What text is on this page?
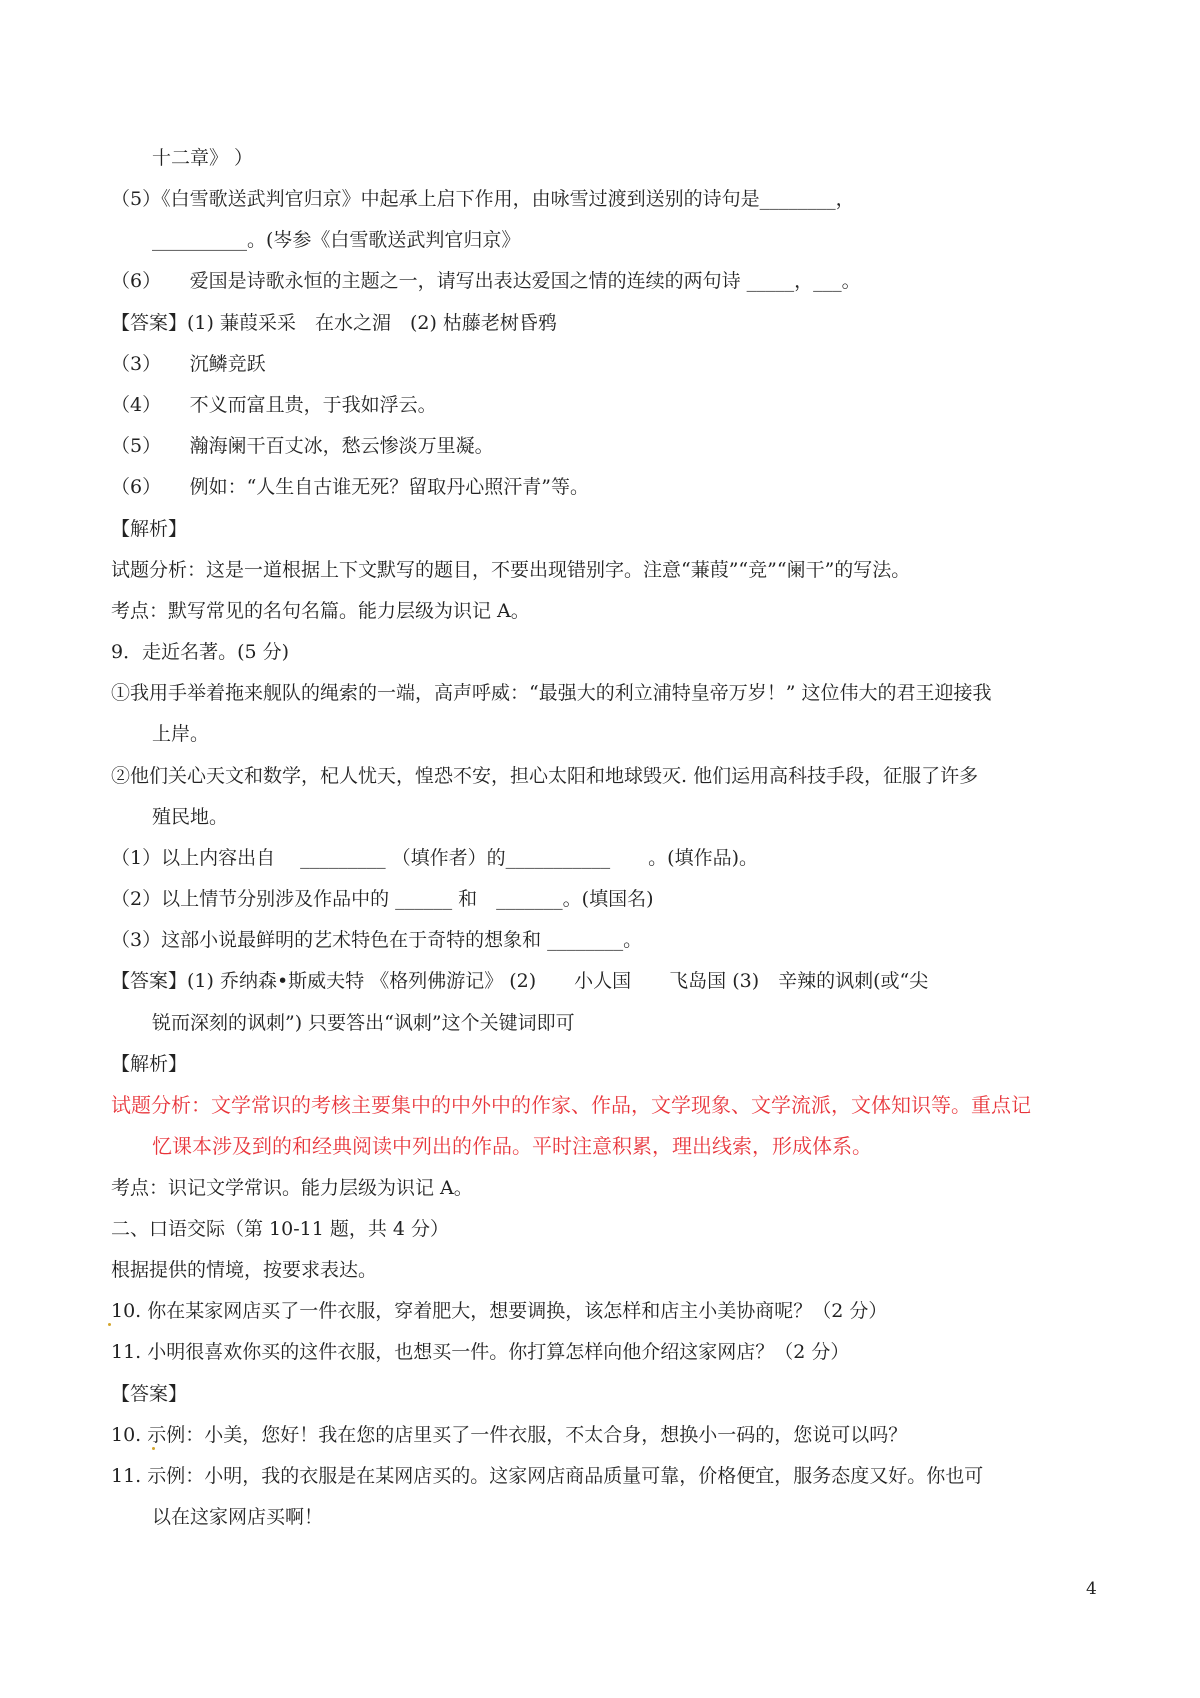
十二章》 ）
（5）《白雪歌送武判官归京》中起承上启下作用，由咏雪过渡到送别的诗句是________，
__________。(岑参《白雪歌送武判官归京》
（6）　　爱国是诗歌永恒的主题之一，请写出表达爱国之情的连续的两句诗 _____，___。
【答案】(1) 蒹葭采采　在水之湄　(2) 枯藤老树昏鸦
（3）　　沉鳞竞跃
（4）　　不义而富且贵，于我如浮云。
（5）　　瀚海阑干百丈冰，愁云惨淡万里凝。
（6）　　例如：“人生自古谁无死？留取丹心照汗青”等。
【解析】
试题分析：这是一道根据上下文默写的题目，不要出现错别字。注意“蒹葭”“竞”“阑干”的写法。
考点：默写常见的名句名篇。能力层级为识记 A。
9．走近名著。(5 分)
①我用手举着拖来舰队的绳索的一端，高声呼威：“最强大的利立浦特皇帝万岁！” 这位伟大的君王迎接我
上岸。
②他们关心天文和数学，杞人忧天，惶恐不安，担心太阳和地球毁灭. 他们运用高科技手段，征服了许多
殖民地。
（1）以上内容出自　 _________ （填作者）的___________　　。(填作品)。
（2）以上情节分别涉及作品中的 ______ 和　_______。(填国名)
（3）这部小说最鲜明的艺术特色在于奇特的想象和 ________。
【答案】(1) 乔纳森•斯威夫特 《格列佛游记》 (2)　　小人国　　飞岛国 (3)　辛辣的讽刺(或“尖
锐而深刻的讽刺”) 只要答出“讽刺”这个关键词即可
【解析】
试题分析：文学常识的考核主要集中的中外中的作家、作品，文学现象、文学流派，文体知识等。重点记
忆课本涉及到的和经典阅读中列出的作品。平时注意积累，理出线索，形成体系。
考点：识记文学常识。能力层级为识记 A。
二、口语交际（第 10-11 题，共 4 分）
根据提供的情境，按要求表达。
10. 你在某家网店买了一件衣服，穿着肥大，想要调换，该怎样和店主小美协商呢？（2 分）
11. 小明很喜欢你买的这件衣服，也想买一件。你打算怎样向他介绍这家网店？（2 分）
【答案】
10. 示例：小美，您好！我在您的店里买了一件衣服，不太合身，想换小一码的，您说可以吗？
11. 示例：小明，我的衣服是在某网店买的。这家网店商品质量可靠，价格便宜，服务态度又好。你也可
以在这家网店买啊！
4
